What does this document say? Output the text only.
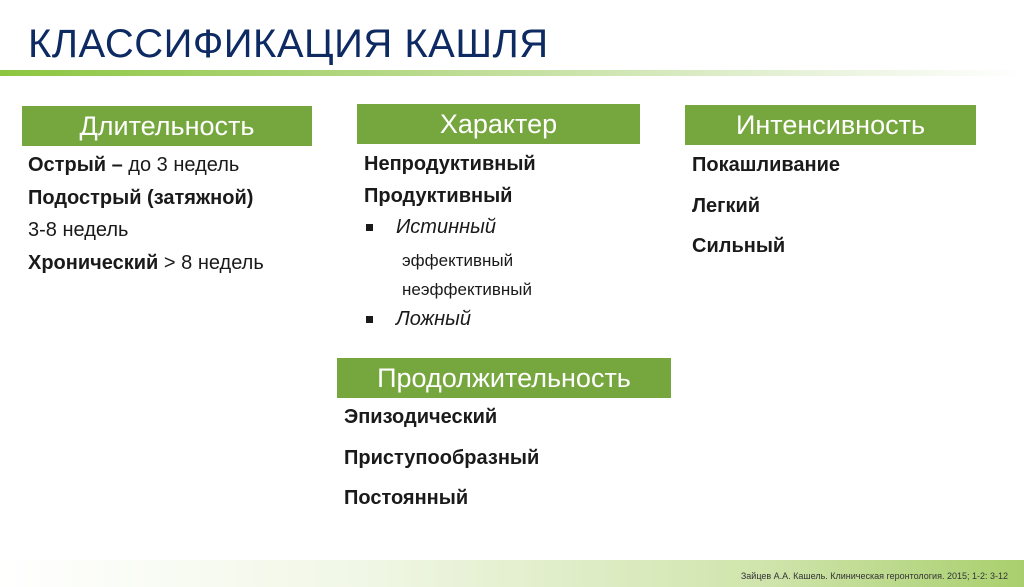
КЛАССИФИКАЦИЯ КАШЛЯ
Длительность
Острый – до 3 недель
Подострый (затяжной)
3-8 недель
Хронический > 8 недель
Характер
Непродуктивный
Продуктивный
Истинный
эффективный
неэффективный
Ложный
Интенсивность
Покашливание
Легкий
Сильный
Продолжительность
Эпизодический
Приступообразный
Постоянный
Зайцев А.А. Кашель. Клиническая геронтология. 2015; 1-2: 3-12
